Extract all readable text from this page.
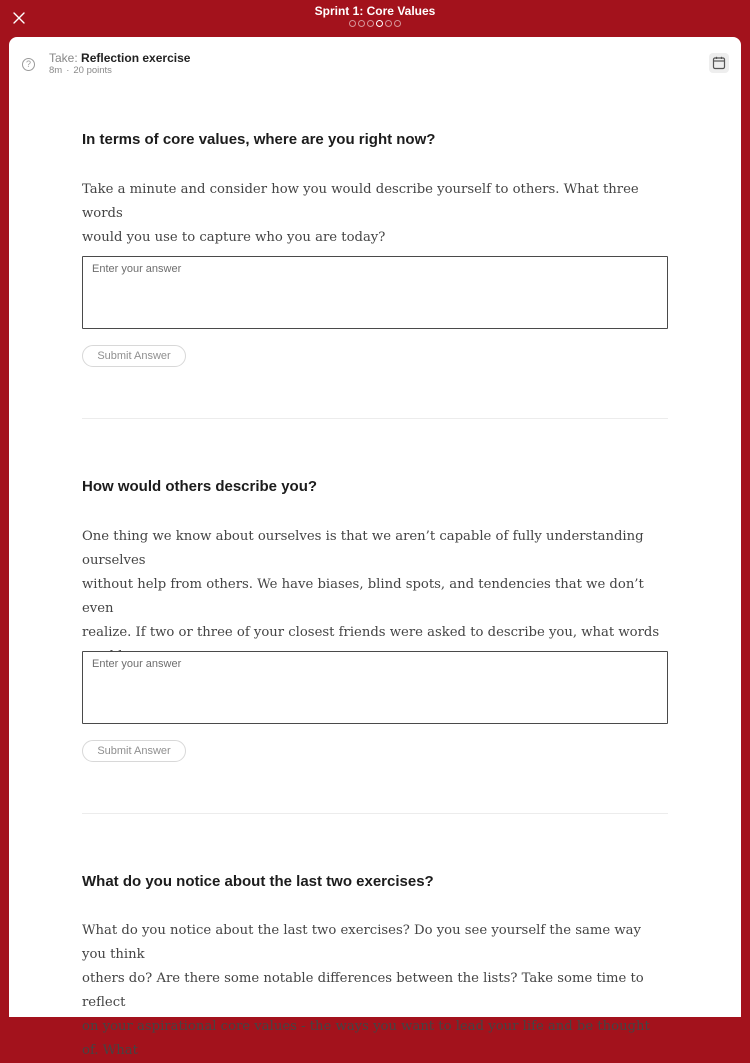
Sprint 1: Core Values
?	Take: Reflection exercise
8m · 20 points
In terms of core values, where are you right now?
Take a minute and consider how you would describe yourself to others. What three words
would you use to capture who you are today?
Enter your answer
Submit Answer
How would others describe you?
One thing we know about ourselves is that we aren’t capable of fully understanding ourselves
without help from others. We have biases, blind spots, and tendencies that we don’t even
realize. If two or three of your closest friends were asked to describe you, what words
Enter your answer
Submit Answer
What do you notice about the last two exercises?
What do you notice about the last two exercises? Do you see yourself the same way you think
others do? Are there some notable differences between the lists? Take some time to reflect
on your aspirational core values - the ways you want to lead your life and be thought of. What
